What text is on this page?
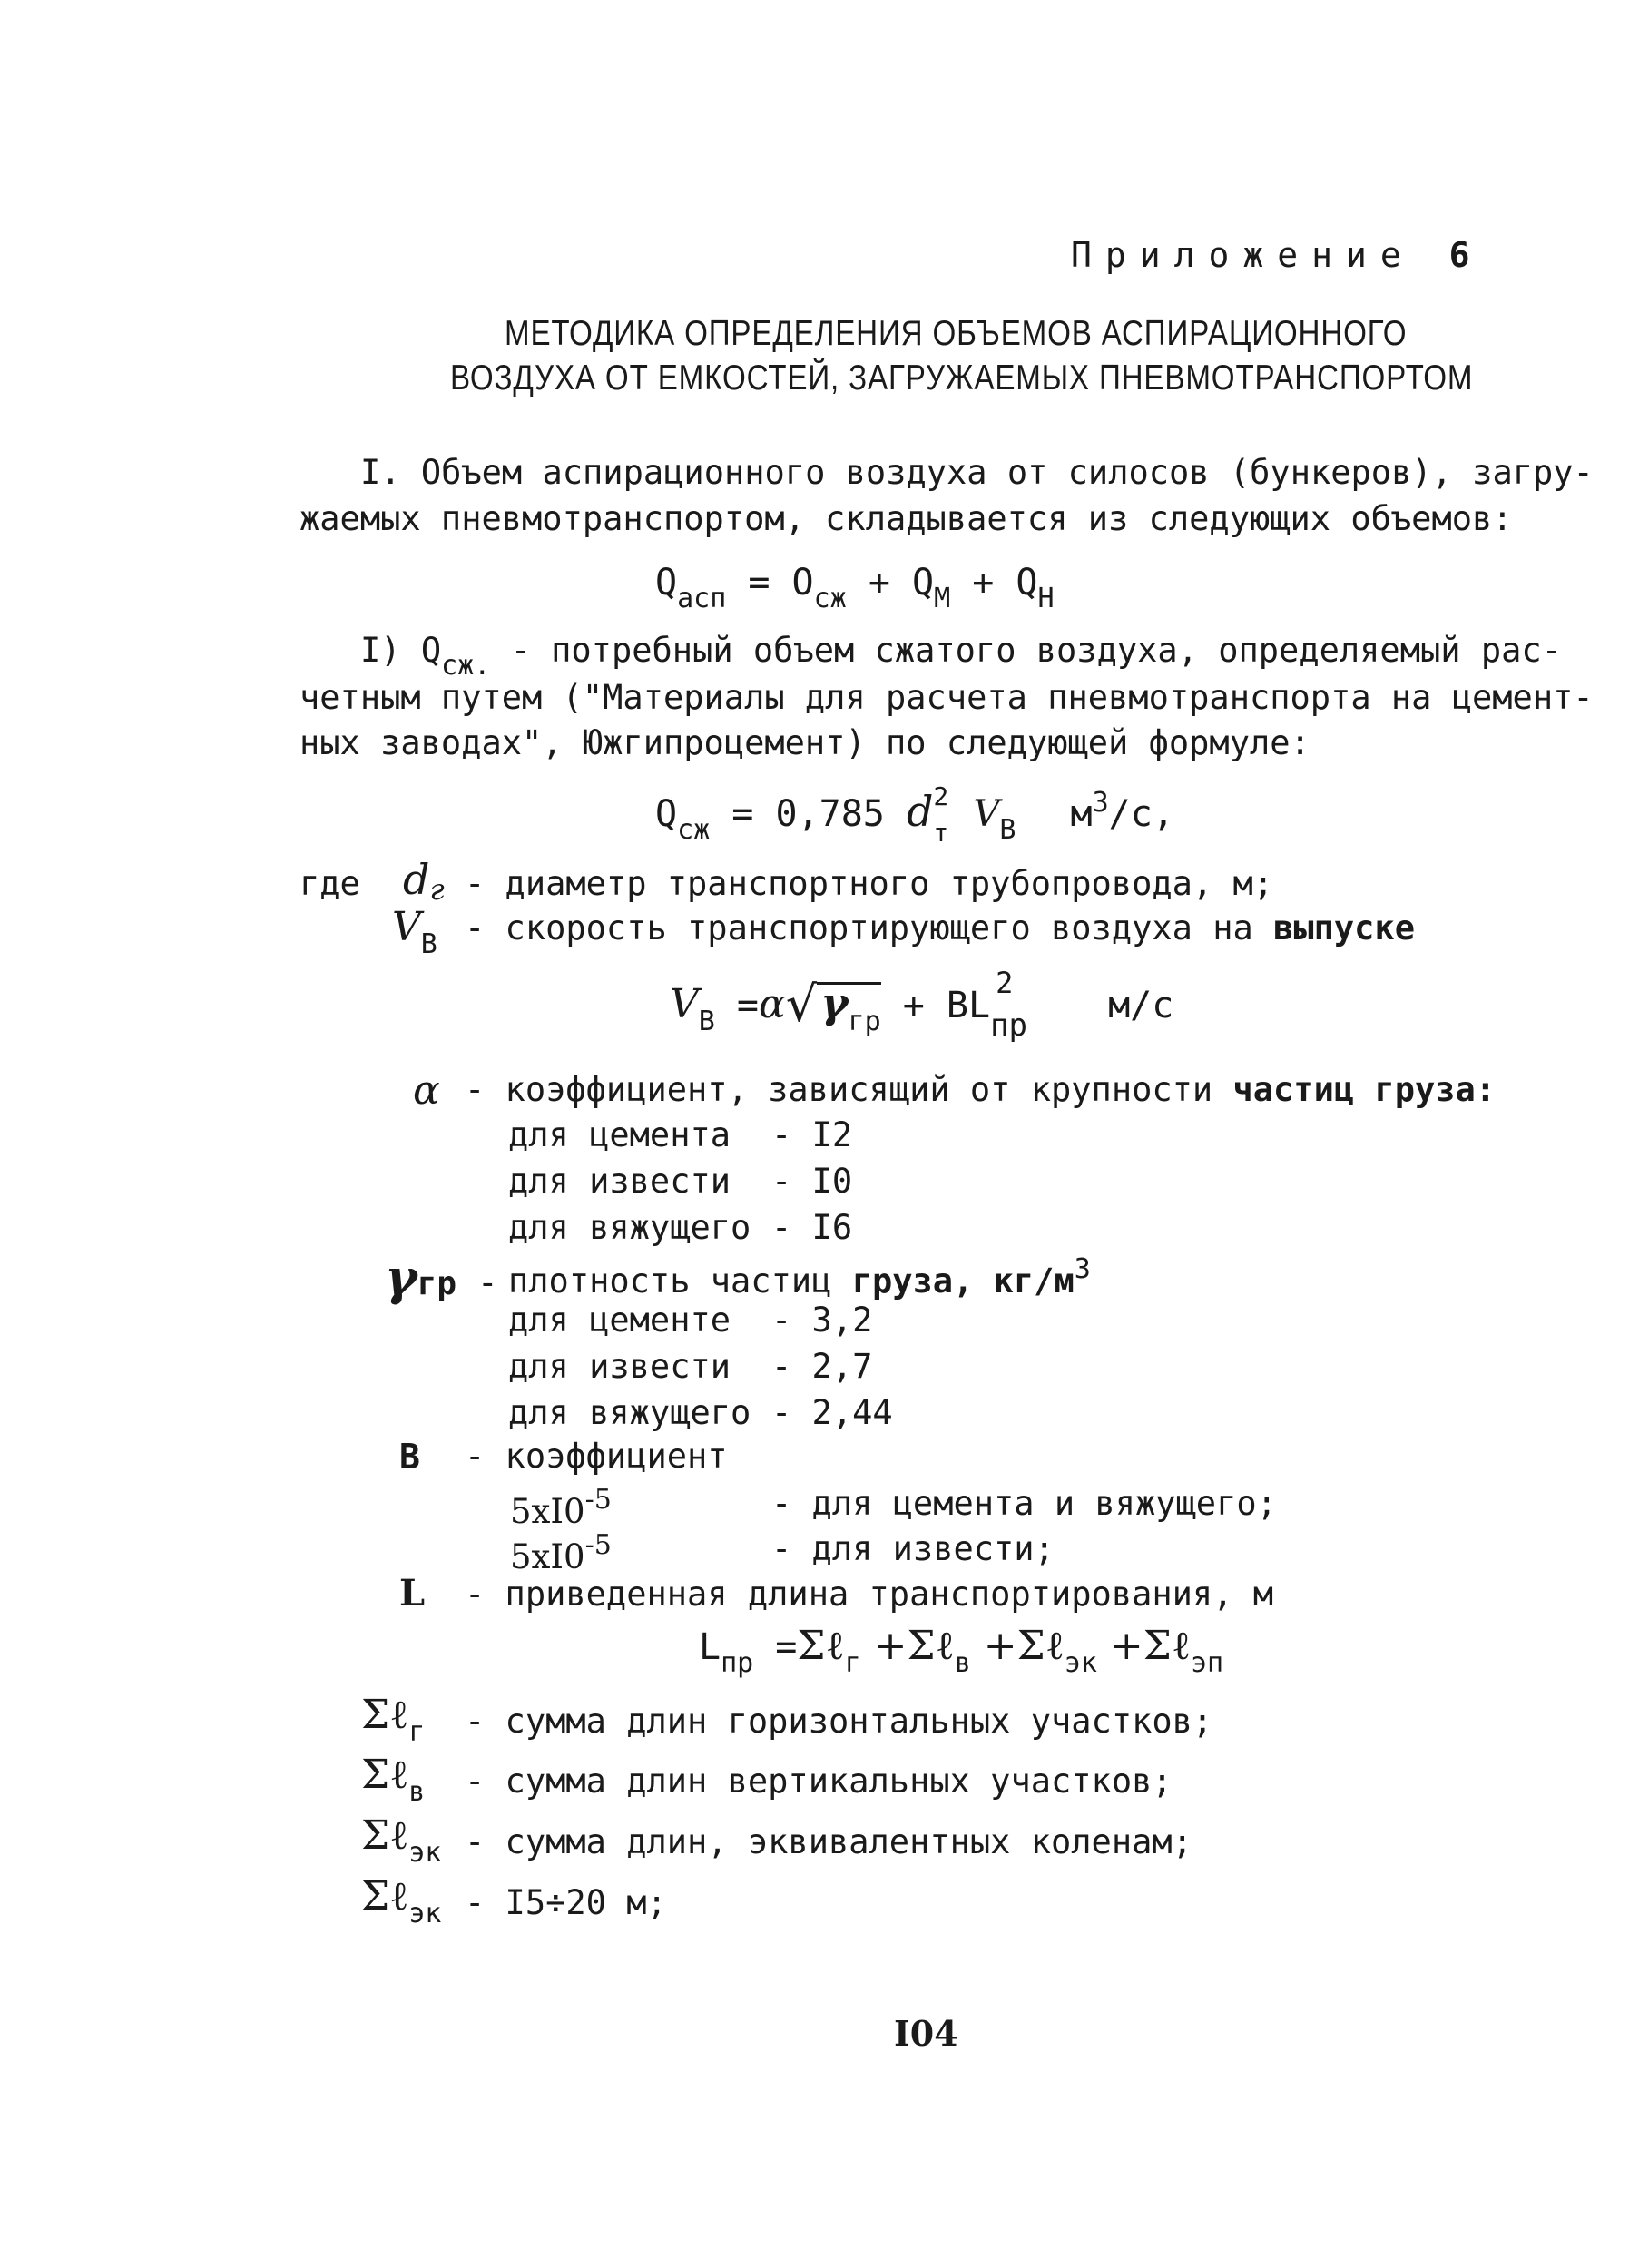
Приложение 6
МЕТОДИКА ОПРЕДЕЛЕНИЯ ОБЪЕМОВ АСПИРАЦИОННОГО
ВОЗДУХА ОТ ЕМКОСТЕЙ, ЗАГРУЖАЕМЫХ ПНЕВМОТРАНСПОРТОМ
I. Объем аспирационного воздуха от силосов (бункеров), загру-
жаемых пневмотранспортом, складывается из следующих объемов:
$Q_{асп} = O_{сж} + Q_М + Q_Н$
I) $Q_{сж.}$ - потребный объем сжатого воздуха, определяемый рас-
четным путем ("Материалы для расчета пневмотранспорта на цемент-
ных заводах", Южгипроцемент) по следующей формуле:
$Q_{сж} = 0,785$ d 2
т $V_В$ $м^3/с$,
где dг - диаметр транспортного трубопровода, м;
$V_В$ - скорость транспортирующего воздуха на выпуске
$V_В =\alpha√\gamma_{гр}$ + BL
2
пр м/с
α - коэффициент, зависящий от крупности частиц груза:
для цемента - I2
для извести - I0
для вяжущего - I6
γгр - плотность частиц груза, $кг/м^3$
для цементе - 3,2
для извести - 2,7
для вяжущего - 2,44
B - коэффициент
$5хI0^{-5}$	- для цемента и вяжущего;
$5хI0^{-5}$	- для извести;
L - приведенная длина транспортирования, м
$L_{пр}$ =Σℓ$_г$ +Σℓ$_в$ +Σℓ$_{эк}$ +Σℓ$_{эп}$
Σℓ$_г$ - сумма длин горизонтальных участков;
Σℓ$_в$ - сумма длин вертикальных участков;
Σℓ$_{эк}$ - сумма длин, эквивалентных коленам;
Σℓ$_{эк}$ - I5÷20 м;
I04
